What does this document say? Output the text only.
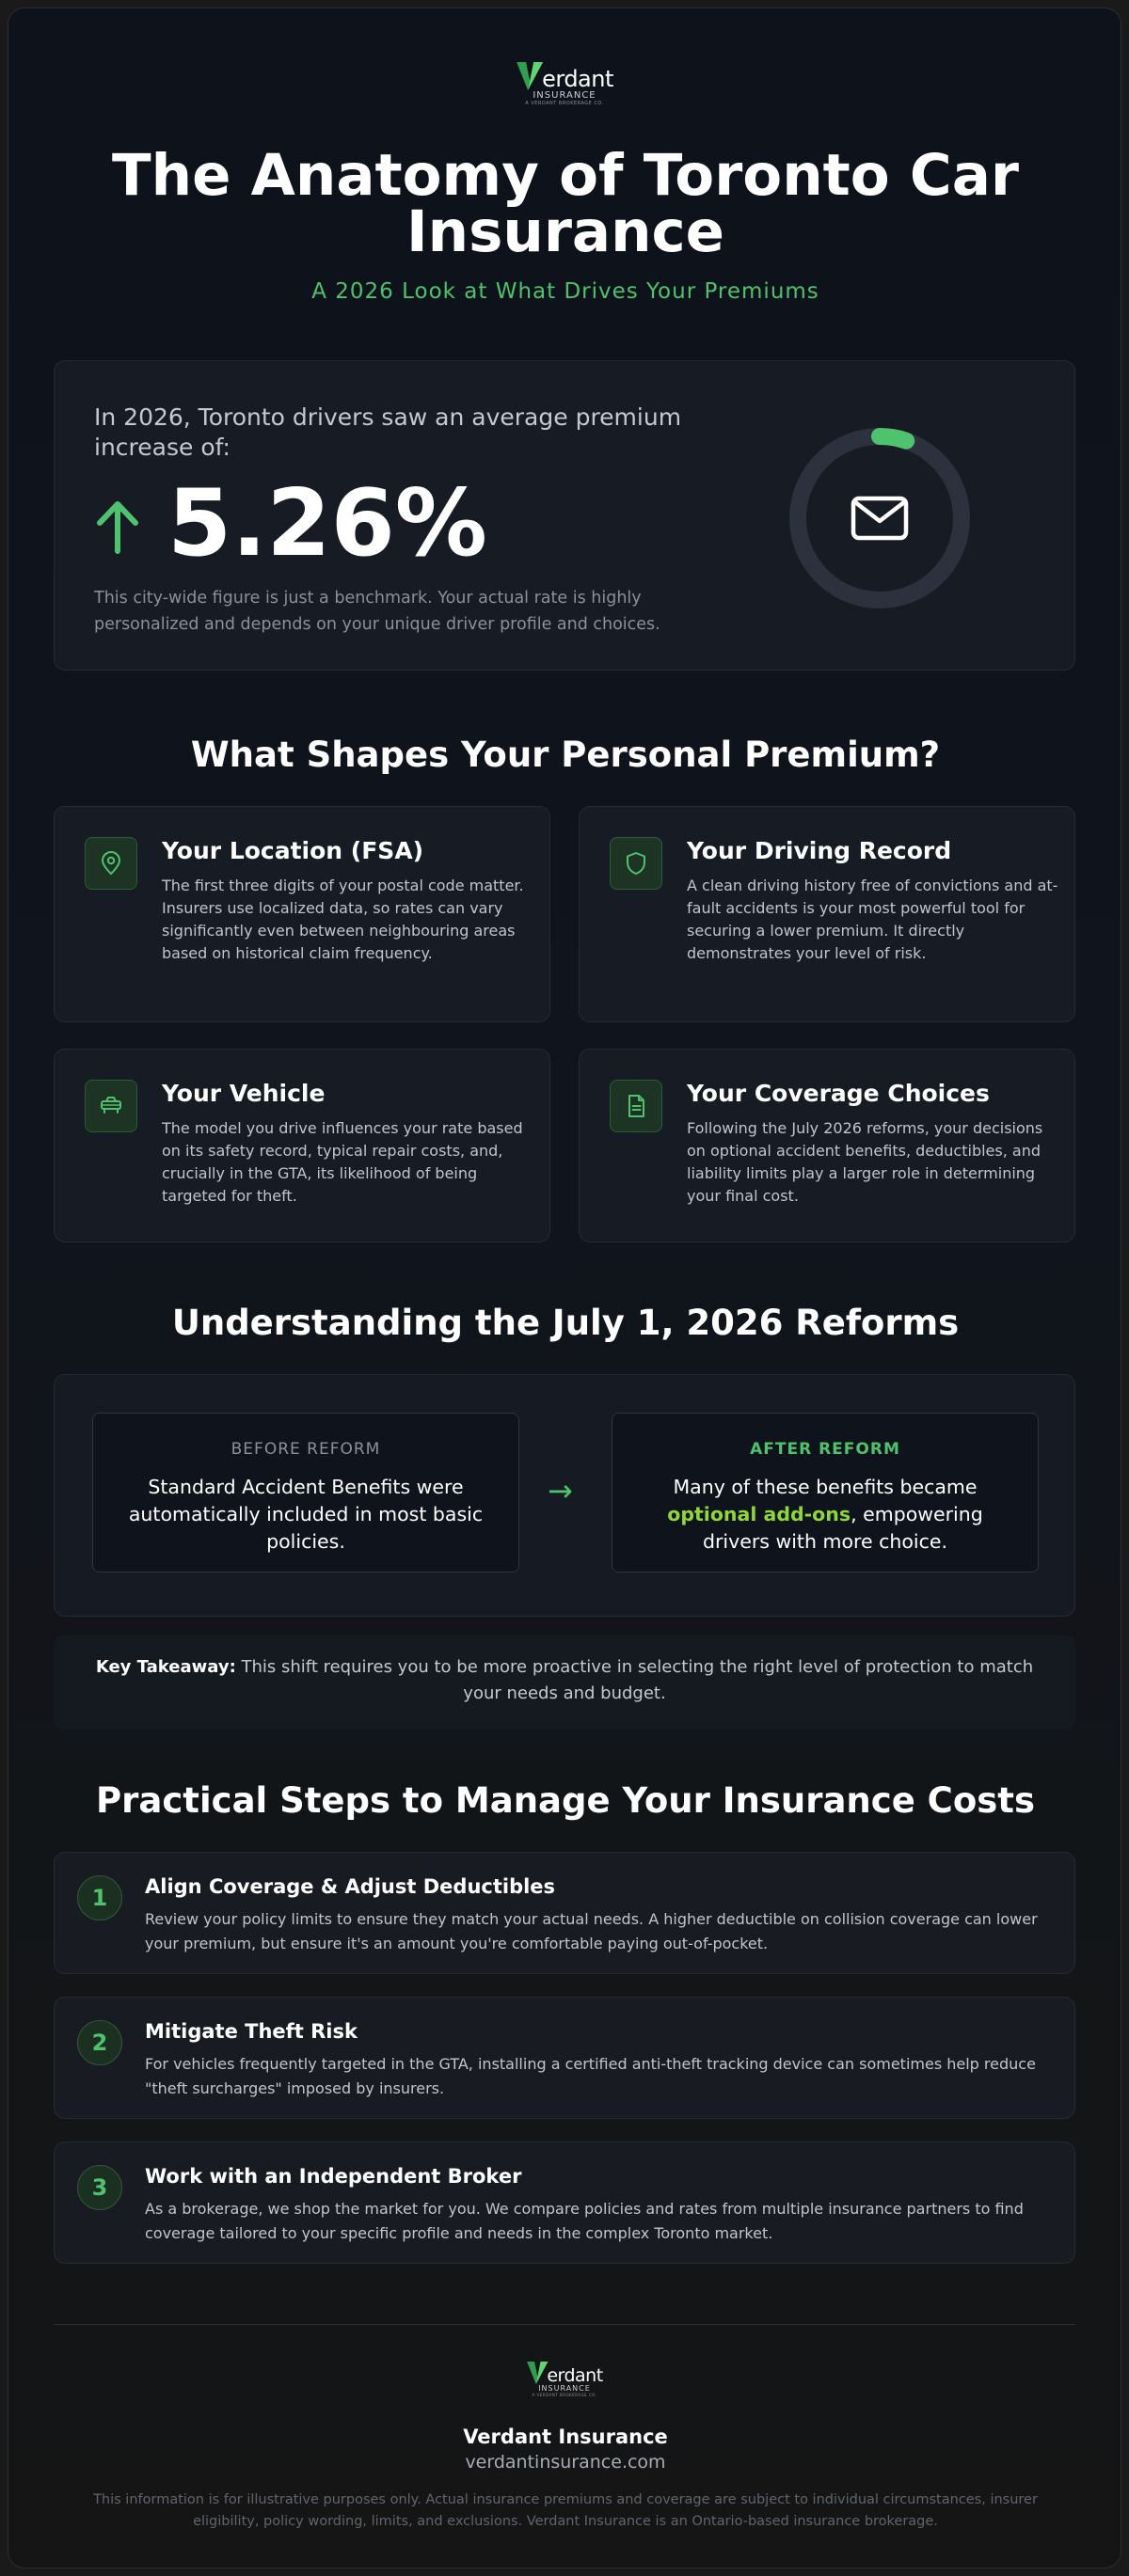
erdant
INSURANCE
A VERDANT BROKERAGE CO.
The Anatomy of Toronto Car Insurance
A 2026 Look at What Drives Your Premiums
In 2026, Toronto drivers saw an average premium increase of:
5.26%
This city-wide figure is just a benchmark. Your actual rate is highly personalized and depends on your unique driver profile and choices.
What Shapes Your Personal Premium?
Your Location (FSA)
The first three digits of your postal code matter. Insurers use localized data, so rates can vary significantly even between neighbouring areas based on historical claim frequency.
Your Driving Record
A clean driving history free of convictions and at-fault accidents is your most powerful tool for securing a lower premium. It directly demonstrates your level of risk.
Your Vehicle
The model you drive influences your rate based on its safety record, typical repair costs, and, crucially in the GTA, its likelihood of being targeted for theft.
Your Coverage Choices
Following the July 2026 reforms, your decisions on optional accident benefits, deductibles, and liability limits play a larger role in determining your final cost.
Understanding the July 1, 2026 Reforms
BEFORE REFORM
Standard Accident Benefits were automatically included in most basic policies.
→
AFTER REFORM
Many of these benefits became optional add-ons, empowering drivers with more choice.
Key Takeaway: This shift requires you to be more proactive in selecting the right level of protection to match your needs and budget.
Practical Steps to Manage Your Insurance Costs
1	Align Coverage & Adjust Deductibles
Review your policy limits to ensure they match your actual needs. A higher deductible on collision coverage can lower your premium, but ensure it's an amount you're comfortable paying out-of-pocket.
2	Mitigate Theft Risk
For vehicles frequently targeted in the GTA, installing a certified anti-theft tracking device can sometimes help reduce "theft surcharges" imposed by insurers.
3	Work with an Independent Broker
As a brokerage, we shop the market for you. We compare policies and rates from multiple insurance partners to find coverage tailored to your specific profile and needs in the complex Toronto market.
erdant
INSURANCE
A VERDANT BROKERAGE CO.
Verdant Insurance
verdantinsurance.com
This information is for illustrative purposes only. Actual insurance premiums and coverage are subject to individual circumstances, insurer eligibility, policy wording, limits, and exclusions. Verdant Insurance is an Ontario-based insurance brokerage.
